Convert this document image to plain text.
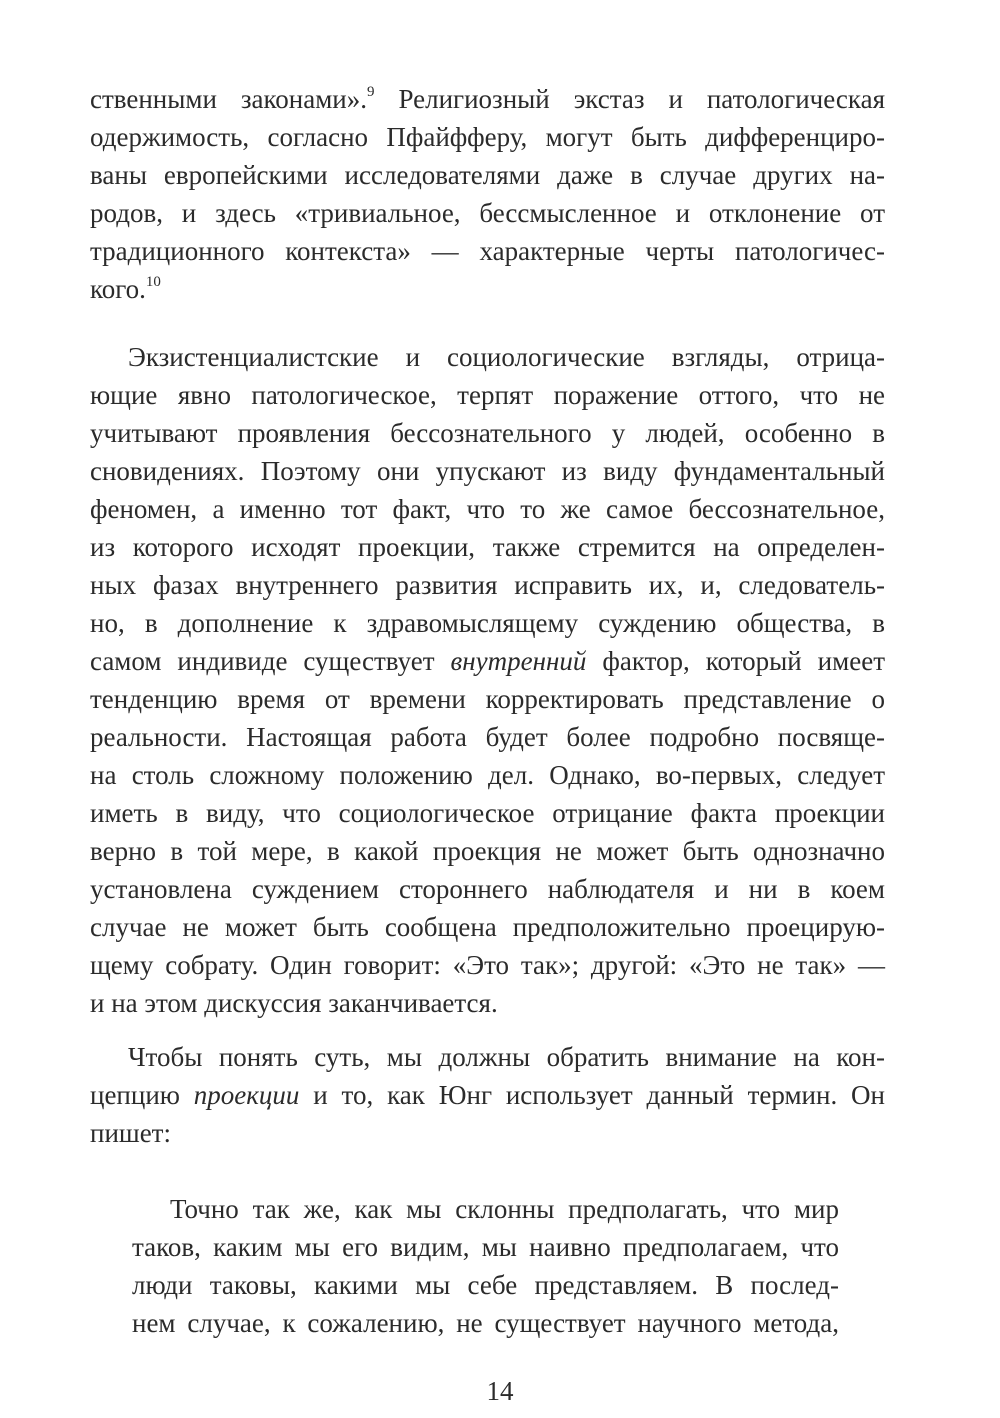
ственными законами».$^9$ Религиозный экстаз и патологическая
одержимость, согласно Пфайфферу, могут быть дифференциро-
ваны европейскими исследователями даже в случае других на-
родов, и здесь «тривиальное, бессмысленное и отклонение от
традиционного контекста» — характерные черты патологичес-
кого.$^{10}$
Экзистенциалистские и социологические взгляды, отрица-
ющие явно патологическое, терпят поражение оттого, что не
учитывают проявления бессознательного у людей, особенно в
сновидениях. Поэтому они упускают из виду фундаментальный
феномен, а именно тот факт, что то же самое бессознательное,
из которого исходят проекции, также стремится на определен-
ных фазах внутреннего развития исправить их, и, следователь-
но, в дополнение к здравомыслящему суждению общества, в
самом индивиде существует внутренний фактор, который имеет
тенденцию время от времени корректировать представление о
реальности. Настоящая работа будет более подробно посвяще-
на столь сложному положению дел. Однако, во-первых, следует
иметь в виду, что социологическое отрицание факта проекции
верно в той мере, в какой проекция не может быть однозначно
установлена суждением стороннего наблюдателя и ни в коем
случае не может быть сообщена предположительно проецирую-
щему собрату. Один говорит: «Это так»; другой: «Это не так» —
и на этом дискуссия заканчивается.
Чтобы понять суть, мы должны обратить внимание на кон-
цепцию проекции и то, как Юнг использует данный термин. Он
пишет:
Точно так же, как мы склонны предполагать, что мир
таков, каким мы его видим, мы наивно предполагаем, что
люди таковы, какими мы себе представляем. В послед-
нем случае, к сожалению, не существует научного метода,
14
